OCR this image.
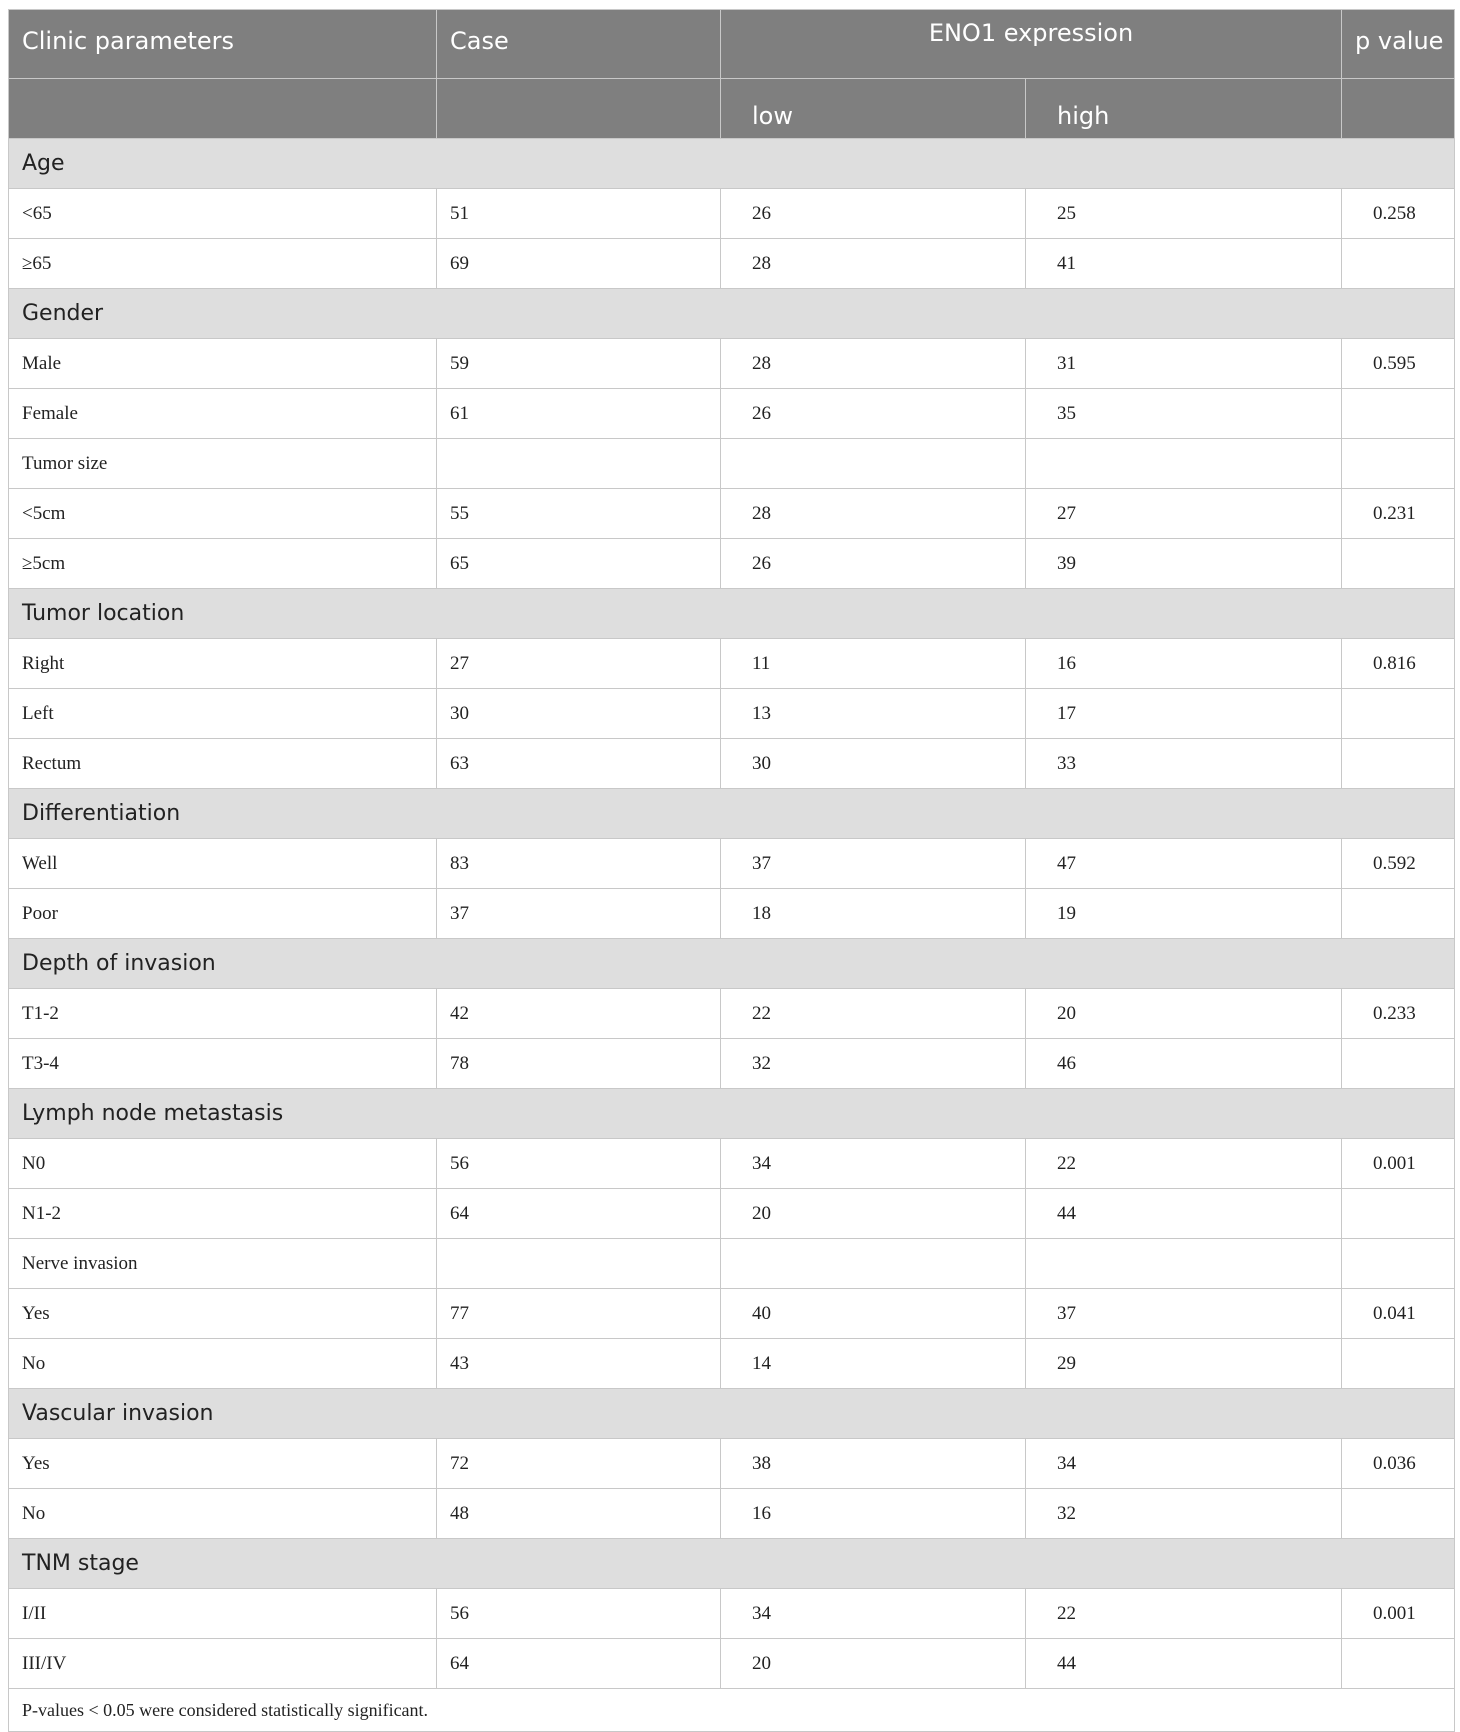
Clinic parameters	Case	ENO1 expression		p value
		low	high	
Age				
<65	51	26	25	0.258
≥65	69	28	41	
Gender				
Male	59	28	31	0.595
Female	61	26	35	
Tumor size				
<5cm	55	28	27	0.231
≥5cm	65	26	39	
Tumor location				
Right	27	11	16	0.816
Left	30	13	17	
Rectum	63	30	33	
Differentiation				
Well	83	37	47	0.592
Poor	37	18	19	
Depth of invasion				
T1-2	42	22	20	0.233
T3-4	78	32	46	
Lymph node metastasis				
N0	56	34	22	0.001
N1-2	64	20	44	
Nerve invasion				
Yes	77	40	37	0.041
No	43	14	29	
Vascular invasion				
Yes	72	38	34	0.036
No	48	16	32	
TNM stage				
I/II	56	34	22	0.001
III/IV	64	20	44	
P-values < 0.05 were considered statistically significant.				
